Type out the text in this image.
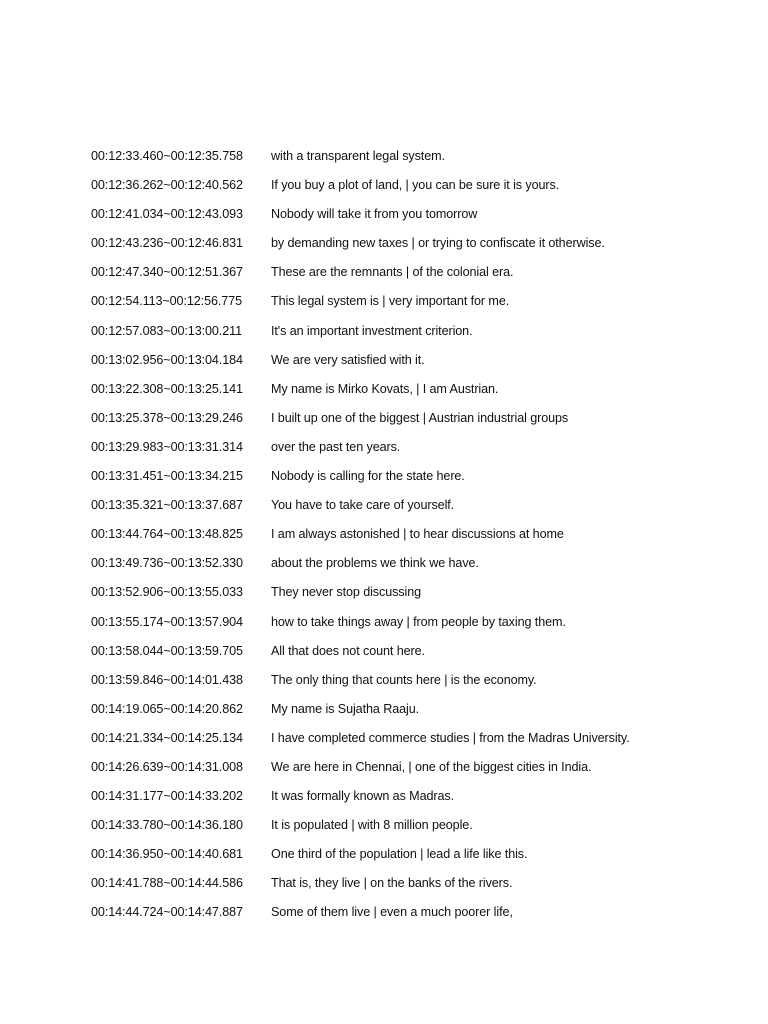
00:12:33.460~00:12:35.758	with a transparent legal system.
00:12:36.262~00:12:40.562	If you buy a plot of land, | you can be sure it is yours.
00:12:41.034~00:12:43.093	Nobody will take it from you tomorrow
00:12:43.236~00:12:46.831	by demanding new taxes | or trying to confiscate it otherwise.
00:12:47.340~00:12:51.367	These are the remnants | of the colonial era.
00:12:54.113~00:12:56.775	This legal system is | very important for me.
00:12:57.083~00:13:00.211	It's an important investment criterion.
00:13:02.956~00:13:04.184	We are very satisfied with it.
00:13:22.308~00:13:25.141	My name is Mirko Kovats, | I am Austrian.
00:13:25.378~00:13:29.246	I built up one of the biggest | Austrian industrial groups
00:13:29.983~00:13:31.314	over the past ten years.
00:13:31.451~00:13:34.215	Nobody is calling for the state here.
00:13:35.321~00:13:37.687	You have to take care of yourself.
00:13:44.764~00:13:48.825	I am always astonished | to hear discussions at home
00:13:49.736~00:13:52.330	about the problems we think we have.
00:13:52.906~00:13:55.033	They never stop discussing
00:13:55.174~00:13:57.904	how to take things away | from people by taxing them.
00:13:58.044~00:13:59.705	All that does not count here.
00:13:59.846~00:14:01.438	The only thing that counts here | is the economy.
00:14:19.065~00:14:20.862	My name is Sujatha Raaju.
00:14:21.334~00:14:25.134	I have completed commerce studies | from the Madras University.
00:14:26.639~00:14:31.008	We are here in Chennai, | one of the biggest cities in India.
00:14:31.177~00:14:33.202	It was formally known as Madras.
00:14:33.780~00:14:36.180	It is populated | with 8 million people.
00:14:36.950~00:14:40.681	One third of the population | lead a life like this.
00:14:41.788~00:14:44.586	That is, they live | on the banks of the rivers.
00:14:44.724~00:14:47.887	Some of them live | even a much poorer life,
